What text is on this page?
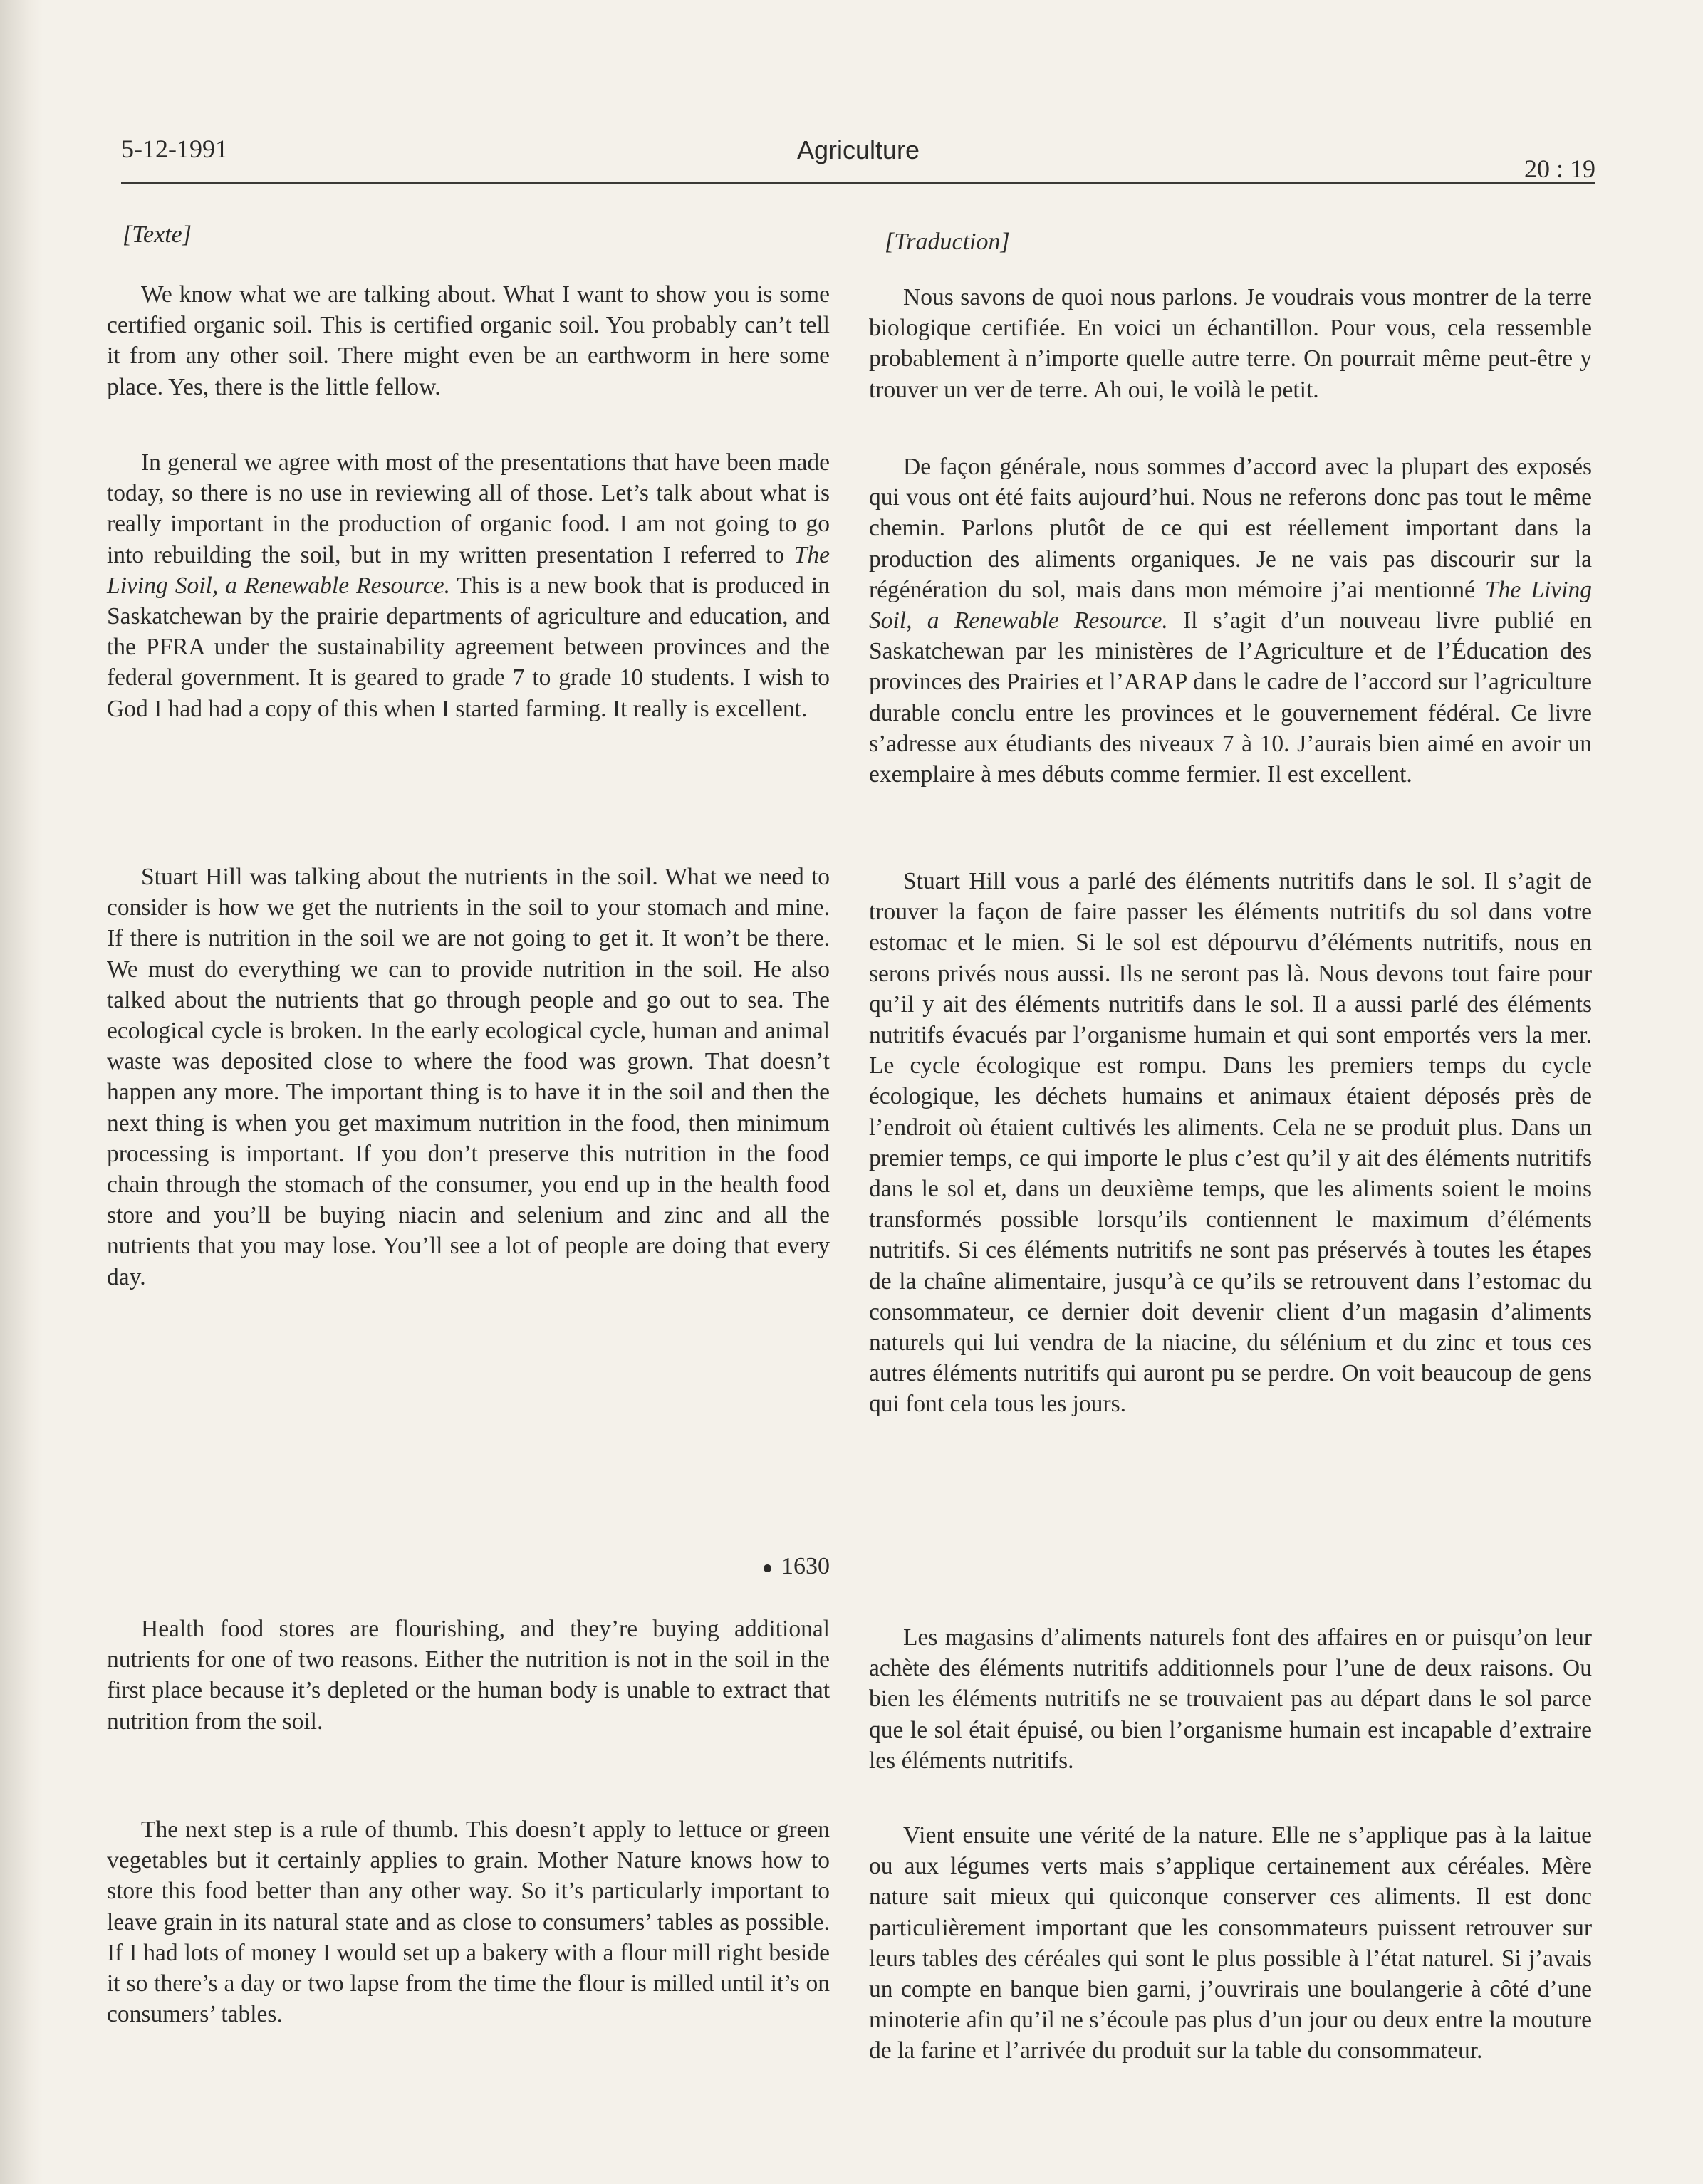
5-12-1991	Agriculture
20 : 19

[Texte]

We know what we are talking about. What I want to show you is some certified organic soil. This is certified organic soil. You probably can’t tell it from any other soil. There might even be an earthworm in here some place. Yes, there is the little fellow.

In general we agree with most of the presentations that have been made today, so there is no use in reviewing all of those. Let’s talk about what is really important in the production of organic food. I am not going to go into rebuilding the soil, but in my written presentation I referred to The Living Soil, a Renewable Resource. This is a new book that is produced in Saskatchewan by the prairie departments of agriculture and education, and the PFRA under the sustainability agreement between provinces and the federal government. It is geared to grade 7 to grade 10 students. I wish to God I had had a copy of this when I started farming. It really is excellent.

Stuart Hill was talking about the nutrients in the soil. What we need to consider is how we get the nutrients in the soil to your stomach and mine. If there is nutrition in the soil we are not going to get it. It won’t be there. We must do everything we can to provide nutrition in the soil. He also talked about the nutrients that go through people and go out to sea. The ecological cycle is broken. In the early ecological cycle, human and animal waste was deposited close to where the food was grown. That doesn’t happen any more. The important thing is to have it in the soil and then the next thing is when you get maximum nutrition in the food, then minimum processing is important. If you don’t preserve this nutrition in the food chain through the stomach of the consumer, you end up in the health food store and you’ll be buying niacin and selenium and zinc and all the nutrients that you may lose. You’ll see a lot of people are doing that every day.

1630

Health food stores are flourishing, and they’re buying additional nutrients for one of two reasons. Either the nutrition is not in the soil in the first place because it’s depleted or the human body is unable to extract that nutrition from the soil.

The next step is a rule of thumb. This doesn’t apply to lettuce or green vegetables but it certainly applies to grain. Mother Nature knows how to store this food better than any other way. So it’s particularly important to leave grain in its natural state and as close to consumers’ tables as possible. If I had lots of money I would set up a bakery with a flour mill right beside it so there’s a day or two lapse from the time the flour is milled until it’s on consumers’ tables.

[Traduction]

Nous savons de quoi nous parlons. Je voudrais vous montrer de la terre biologique certifiée. En voici un échantillon. Pour vous, cela ressemble probablement à n’importe quelle autre terre. On pourrait même peut-être y trouver un ver de terre. Ah oui, le voilà le petit.

De façon générale, nous sommes d’accord avec la plupart des exposés qui vous ont été faits aujourd’hui. Nous ne referons donc pas tout le même chemin. Parlons plutôt de ce qui est réellement important dans la production des aliments organiques. Je ne vais pas discourir sur la régénération du sol, mais dans mon mémoire j’ai mentionné The Living Soil, a Renewable Resource. Il s’agit d’un nouveau livre publié en Saskatchewan par les ministères de l’Agriculture et de l’Éducation des provinces des Prairies et l’ARAP dans le cadre de l’accord sur l’agriculture durable conclu entre les provinces et le gouvernement fédéral. Ce livre s’adresse aux étudiants des niveaux 7 à 10. J’aurais bien aimé en avoir un exemplaire à mes débuts comme fermier. Il est excellent.

Stuart Hill vous a parlé des éléments nutritifs dans le sol. Il s’agit de trouver la façon de faire passer les éléments nutritifs du sol dans votre estomac et le mien. Si le sol est dépourvu d’éléments nutritifs, nous en serons privés nous aussi. Ils ne seront pas là. Nous devons tout faire pour qu’il y ait des éléments nutritifs dans le sol. Il a aussi parlé des éléments nutritifs évacués par l’organisme humain et qui sont emportés vers la mer. Le cycle écologique est rompu. Dans les premiers temps du cycle écologique, les déchets humains et animaux étaient déposés près de l’endroit où étaient cultivés les aliments. Cela ne se produit plus. Dans un premier temps, ce qui importe le plus c’est qu’il y ait des éléments nutritifs dans le sol et, dans un deuxième temps, que les aliments soient le moins transformés possible lorsqu’ils contiennent le maximum d’éléments nutritifs. Si ces éléments nutritifs ne sont pas préservés à toutes les étapes de la chaîne alimentaire, jusqu’à ce qu’ils se retrouvent dans l’estomac du consommateur, ce dernier doit devenir client d’un magasin d’aliments naturels qui lui vendra de la niacine, du sélénium et du zinc et tous ces autres éléments nutritifs qui auront pu se perdre. On voit beaucoup de gens qui font cela tous les jours.

Les magasins d’aliments naturels font des affaires en or puisqu’on leur achète des éléments nutritifs additionnels pour l’une de deux raisons. Ou bien les éléments nutritifs ne se trouvaient pas au départ dans le sol parce que le sol était épuisé, ou bien l’organisme humain est incapable d’extraire les éléments nutritifs.

Vient ensuite une vérité de la nature. Elle ne s’applique pas à la laitue ou aux légumes verts mais s’applique certainement aux céréales. Mère nature sait mieux qui quiconque conserver ces aliments. Il est donc particulièrement important que les consommateurs puissent retrouver sur leurs tables des céréales qui sont le plus possible à l’état naturel. Si j’avais un compte en banque bien garni, j’ouvrirais une boulangerie à côté d’une minoterie afin qu’il ne s’écoule pas plus d’un jour ou deux entre la mouture de la farine et l’arrivée du produit sur la table du consommateur.
